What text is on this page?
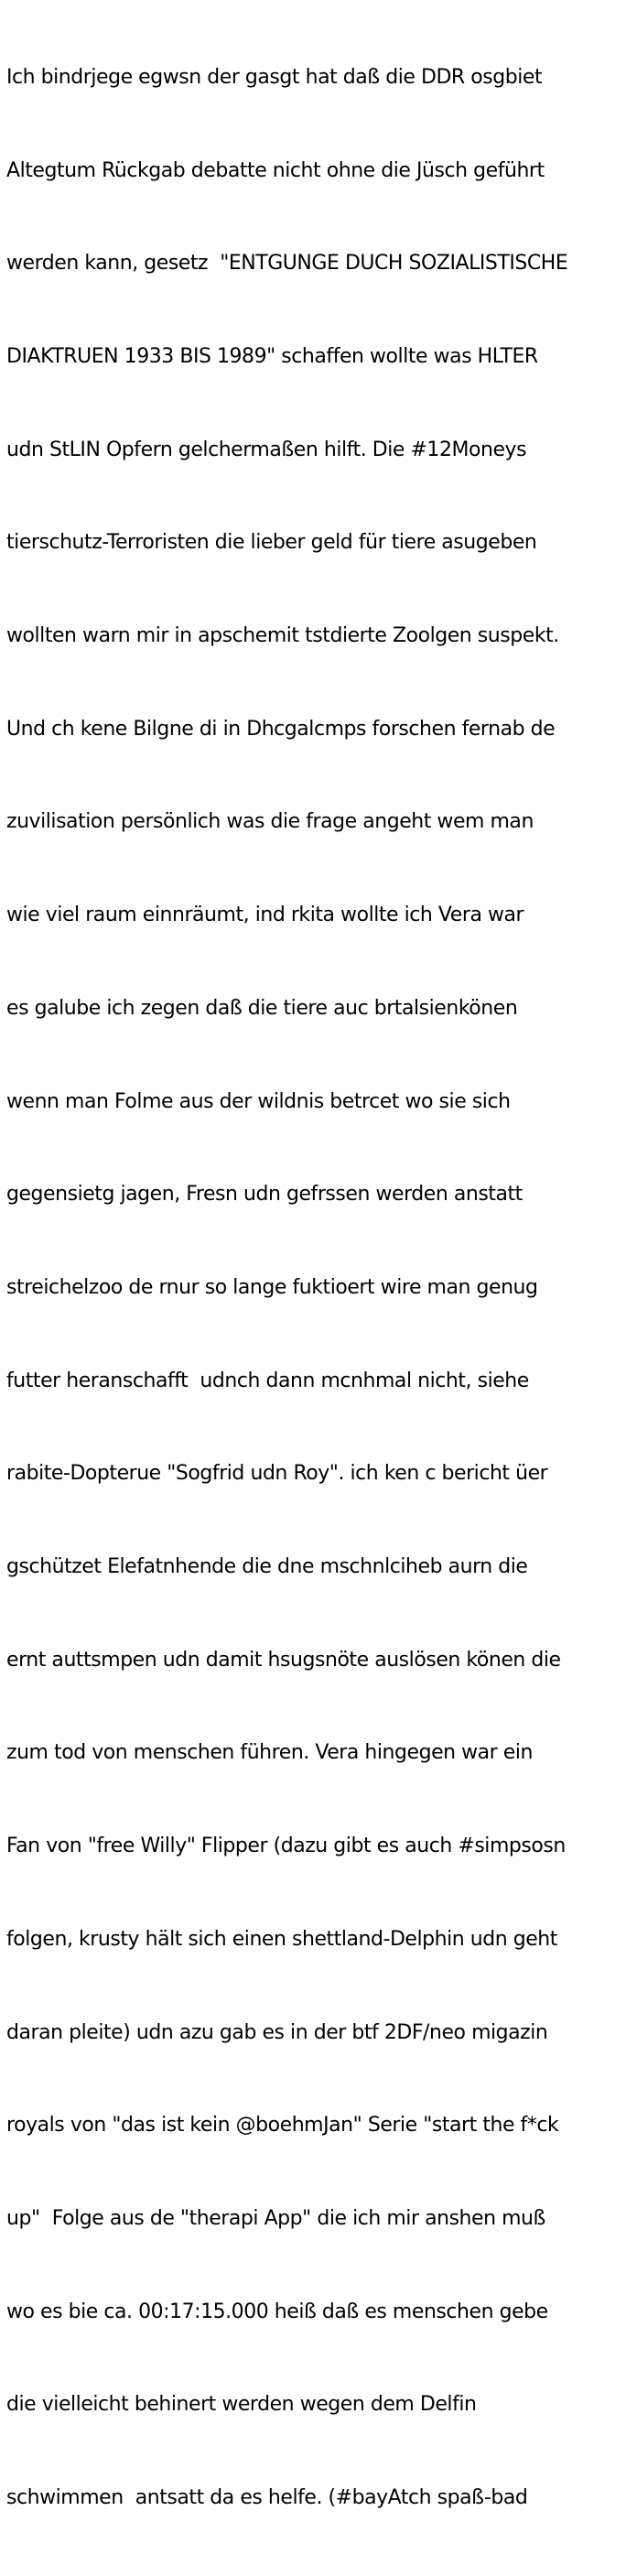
Ich bindrjege egwsn der gasgt hat daß die DDR osgbiet

Altegtum Rückgab debatte nicht ohne die Jüsch geführt

werden kann, gesetz  "ENTGUNGE DUCH SOZIALISTISCHE

DIAKTRUEN 1933 BIS 1989" schaffen wollte was HLTER

udn StLIN Opfern gelchermaßen hilft. Die #12Moneys

tierschutz-Terroristen die lieber geld für tiere asugeben

wollten warn mir in apschemit tstdierte Zoolgen suspekt.

Und ch kene Bilgne di in Dhcgalcmps forschen fernab de

zuvilisation persönlich was die frage angeht wem man

wie viel raum einnräumt, ind rkita wollte ich Vera war

es galube ich zegen daß die tiere auc brtalsienkönen

wenn man Folme aus der wildnis betrcet wo sie sich

gegensietg jagen, Fresn udn gefrssen werden anstatt

streichelzoo de rnur so lange fuktioert wire man genug

futter heranschafft  udnch dann mcnhmal nicht, siehe

rabite-Dopterue "Sogfrid udn Roy". ich ken c bericht üer

gschützet Elefatnhende die dne mschnlciheb aurn die

ernt auttsmpen udn damit hsugsnöte auslösen könen die

zum tod von menschen führen. Vera hingegen war ein

Fan von "free Willy" Flipper (dazu gibt es auch #simpsosn

folgen, krusty hält sich einen shettland-Delphin udn geht

daran pleite) udn azu gab es in der btf 2DF/neo migazin

royals von "das ist kein @boehmJan" Serie "start the f*ck

up"  Folge aus de "therapi App" die ich mir anshen muß

wo es bie ca. 00:17:15.000 heiß daß es menschen gebe

die vielleicht behinert werden wegen dem Delfin

schwimmen  antsatt da es helfe. (#bayAtch spaß-bad
